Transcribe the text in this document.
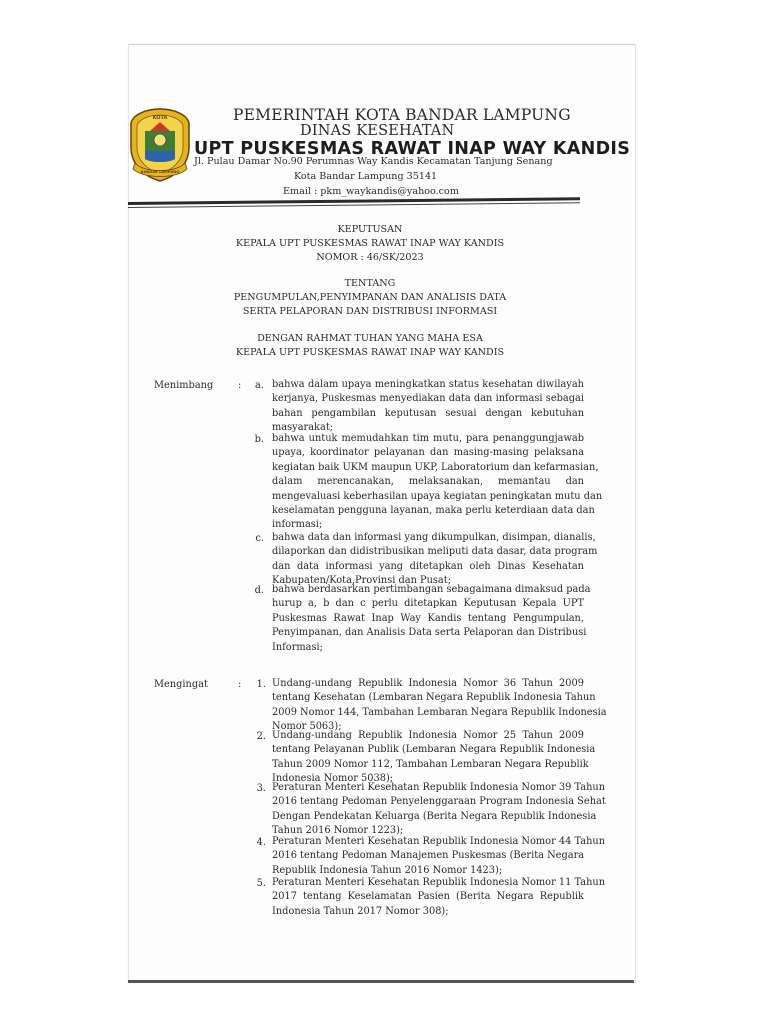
KOTA
BANDAR LAMPUNG
PEMERINTAH KOTA BANDAR LAMPUNG
DINAS KESEHATAN
UPT PUSKESMAS RAWAT INAP WAY KANDIS
Jl. Pulau Damar No.90 Perumnas Way Kandis Kecamatan Tanjung Senang
Kota Bandar Lampung 35141
Email : pkm_waykandis@yahoo.com
KEPUTUSAN
KEPALA UPT PUSKESMAS RAWAT INAP WAY KANDIS
NOMOR : 46/SK/2023
TENTANG
PENGUMPULAN,PENYIMPANAN DAN ANALISIS DATA
SERTA PELAPORAN DAN DISTRIBUSI INFORMASI
DENGAN RAHMAT TUHAN YANG MAHA ESA
KEPALA UPT PUSKESMAS RAWAT INAP WAY KANDIS
Menimbang	:	a. bahwa dalam upaya meningkatkan status kesehatan diwilayah
kerjanya, Puskesmas menyediakan data dan informasi sebagai
bahan pengambilan keputusan sesuai dengan kebutuhan
masyarakat;
b. bahwa untuk memudahkan tim mutu, para penanggungjawab
upaya, koordinator pelayanan dan masing-masing pelaksana
kegiatan baik UKM maupun UKP, Laboratorium dan kefarmasian,
dalam merencanakan, melaksanakan, memantau dan
mengevaluasi keberhasilan upaya kegiatan peningkatan mutu dan
keselamatan pengguna layanan, maka perlu keterdiaan data dan
informasi;
c. bahwa data dan informasi yang dikumpulkan, disimpan, dianalis,
dilaporkan dan didistribusikan meliputi data dasar, data program
dan data informasi yang ditetapkan oleh Dinas Kesehatan
Kabupaten/Kota,Provinsi dan Pusat;
d. bahwa berdasarkan pertimbangan sebagaimana dimaksud pada
hurup a, b dan c perlu ditetapkan Keputusan Kepala UPT
Puskesmas Rawat Inap Way Kandis tentang Pengumpulan,
Penyimpanan, dan Analisis Data serta Pelaporan dan Distribusi
Informasi;
Mengingat	:	1. Undang-undang Republik Indonesia Nomor 36 Tahun 2009
tentang Kesehatan (Lembaran Negara Republik Indonesia Tahun
2009 Nomor 144, Tambahan Lembaran Negara Republik Indonesia
Nomor 5063);
2. Undang-undang Republik Indonesia Nomor 25 Tahun 2009
tentang Pelayanan Publik (Lembaran Negara Republik Indonesia
Tahun 2009 Nomor 112, Tambahan Lembaran Negara Republik
Indonesia Nomor 5038);
3. Peraturan Menteri Kesehatan Republik Indonesia Nomor 39 Tahun
2016 tentang Pedoman Penyelenggaraan Program Indonesia Sehat
Dengan Pendekatan Keluarga (Berita Negara Republik Indonesia
Tahun 2016 Nomor 1223);
4. Peraturan Menteri Kesehatan Republik Indonesia Nomor 44 Tahun
2016 tentang Pedoman Manajemen Puskesmas (Berita Negara
Republik Indonesia Tahun 2016 Nomor 1423);
5. Peraturan Menteri Kesehatan Republik Indonesia Nomor 11 Tahun
2017 tentang Keselamatan Pasien (Berita Negara Republik
Indonesia Tahun 2017 Nomor 308);
